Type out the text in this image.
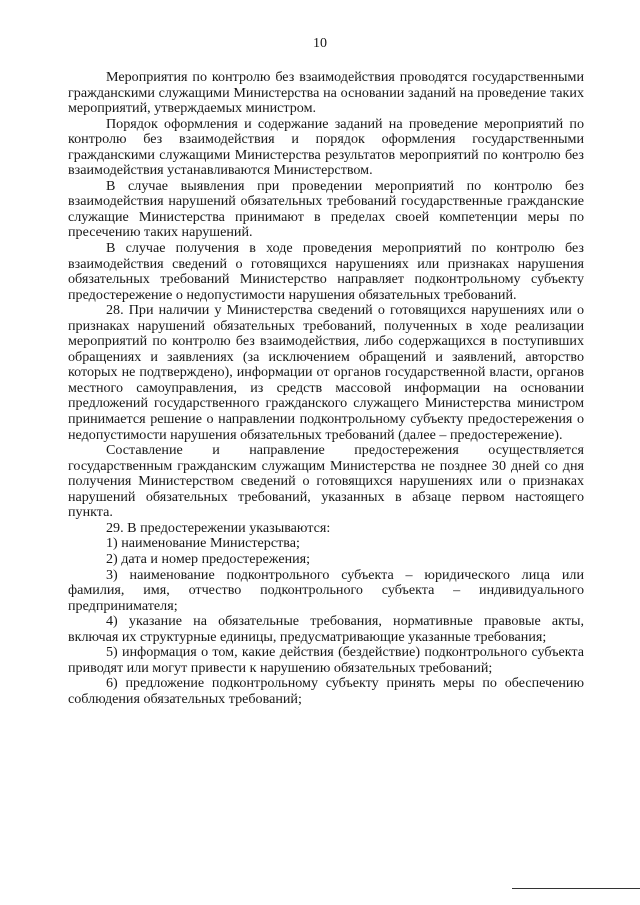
10

Мероприятия по контролю без взаимодействия проводятся государственными гражданскими служащими Министерства на основании заданий на проведение таких мероприятий, утверждаемых министром.

Порядок оформления и содержание заданий на проведение мероприятий по контролю без взаимодействия и порядок оформления государственными гражданскими служащими Министерства результатов мероприятий по контролю без взаимодействия устанавливаются Министерством.

В случае выявления при проведении мероприятий по контролю без взаимодействия нарушений обязательных требований государственные гражданские служащие Министерства принимают в пределах своей компетенции меры по пресечению таких нарушений.

В случае получения в ходе проведения мероприятий по контролю без взаимодействия сведений о готовящихся нарушениях или признаках нарушения обязательных требований Министерство направляет подконтрольному субъекту предостережение о недопустимости нарушения обязательных требований.

28. При наличии у Министерства сведений о готовящихся нарушениях или о признаках нарушений обязательных требований, полученных в ходе реализации мероприятий по контролю без взаимодействия, либо содержащихся в поступивших обращениях и заявлениях (за исключением обращений и заявлений, авторство которых не подтверждено), информации от органов государственной власти, органов местного самоуправления, из средств массовой информации на основании предложений государственного гражданского служащего Министерства министром принимается решение о направлении подконтрольному субъекту предостережения о недопустимости нарушения обязательных требований (далее – предостережение).

Составление и направление предостережения осуществляется государственным гражданским служащим Министерства не позднее 30 дней со дня получения Министерством сведений о готовящихся нарушениях или о признаках нарушений обязательных требований, указанных в абзаце первом настоящего пункта.

29. В предостережении указываются:

1) наименование Министерства;

2) дата и номер предостережения;

3) наименование подконтрольного субъекта – юридического лица или фамилия, имя, отчество подконтрольного субъекта – индивидуального предпринимателя;

4) указание на обязательные требования, нормативные правовые акты, включая их структурные единицы, предусматривающие указанные требования;

5) информация о том, какие действия (бездействие) подконтрольного субъекта приводят или могут привести к нарушению обязательных требований;

6) предложение подконтрольному субъекту принять меры по обеспечению соблюдения обязательных требований;
